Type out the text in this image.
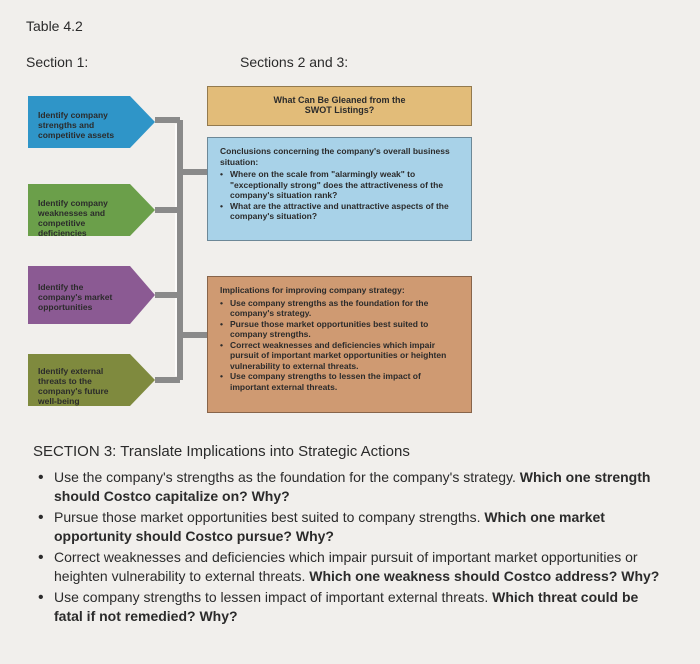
Table 4.2
Section 1:	Sections 2 and 3:
Identify company strengths and competitive assets
Identify company weaknesses and competitive deficiencies
Identify the company's market opportunities
Identify external threats to the company's future well-being
What Can Be Gleaned from the
SWOT Listings?
Conclusions concerning the company's overall business situation:
• Where on the scale from "alarmingly weak" to "exceptionally strong" does the attractiveness of the company's situation rank?
• What are the attractive and unattractive aspects of the company's situation?
Implications for improving company strategy:
• Use company strengths as the foundation for the company's strategy.
• Pursue those market opportunities best suited to company strengths.
• Correct weaknesses and deficiencies which impair pursuit of important market opportunities or heighten vulnerability to external threats.
• Use company strengths to lessen the impact of important external threats.
SECTION 3: Translate Implications into Strategic Actions
• Use the company's strengths as the foundation for the company's strategy. Which one strength should Costco capitalize on? Why?
• Pursue those market opportunities best suited to company strengths. Which one market opportunity should Costco pursue? Why?
• Correct weaknesses and deficiencies which impair pursuit of important market opportunities or heighten vulnerability to external threats. Which one weakness should Costco address? Why?
• Use company strengths to lessen impact of important external threats. Which threat could be fatal if not remedied? Why?
